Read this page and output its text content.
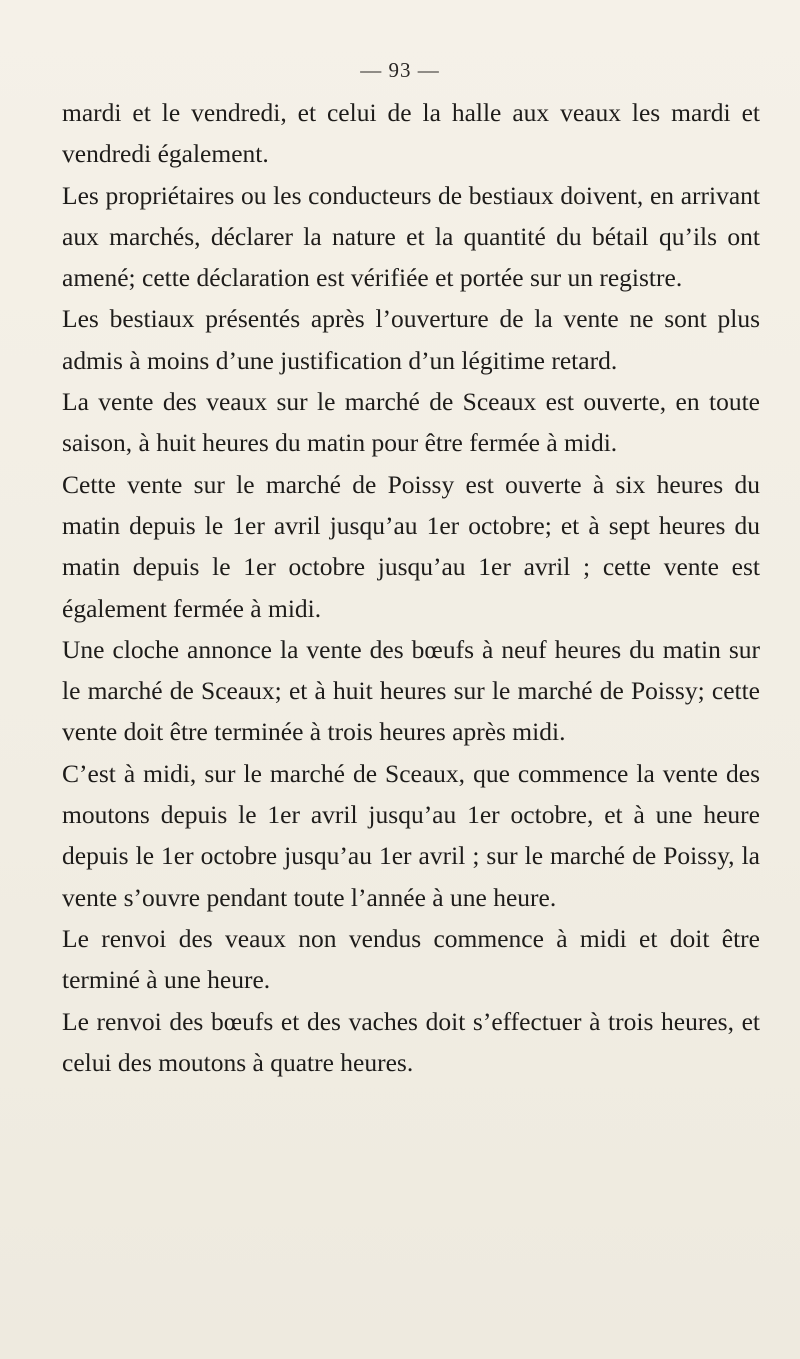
— 93 —

mardi et le vendredi, et celui de la halle aux veaux les mardi et vendredi également.

Les propriétaires ou les conducteurs de bestiaux doivent, en arrivant aux marchés, déclarer la nature et la quantité du bétail qu’ils ont amené; cette déclaration est vérifiée et portée sur un registre.

Les bestiaux présentés après l’ouverture de la vente ne sont plus admis à moins d’une justification d’un légitime retard.

La vente des veaux sur le marché de Sceaux est ouverte, en toute saison, à huit heures du matin pour être fermée à midi.

Cette vente sur le marché de Poissy est ouverte à six heures du matin depuis le 1er avril jusqu’au 1er octobre; et à sept heures du matin depuis le 1er octobre jusqu’au 1er avril ; cette vente est également fermée à midi.

Une cloche annonce la vente des bœufs à neuf heures du matin sur le marché de Sceaux; et à huit heures sur le marché de Poissy; cette vente doit être terminée à trois heures après midi.

C’est à midi, sur le marché de Sceaux, que commence la vente des moutons depuis le 1er avril jusqu’au 1er octobre, et à une heure depuis le 1er octobre jusqu’au 1er avril ; sur le marché de Poissy, la vente s’ouvre pendant toute l’année à une heure.

Le renvoi des veaux non vendus commence à midi et doit être terminé à une heure.

Le renvoi des bœufs et des vaches doit s’effectuer à trois heures, et celui des moutons à quatre heures.
